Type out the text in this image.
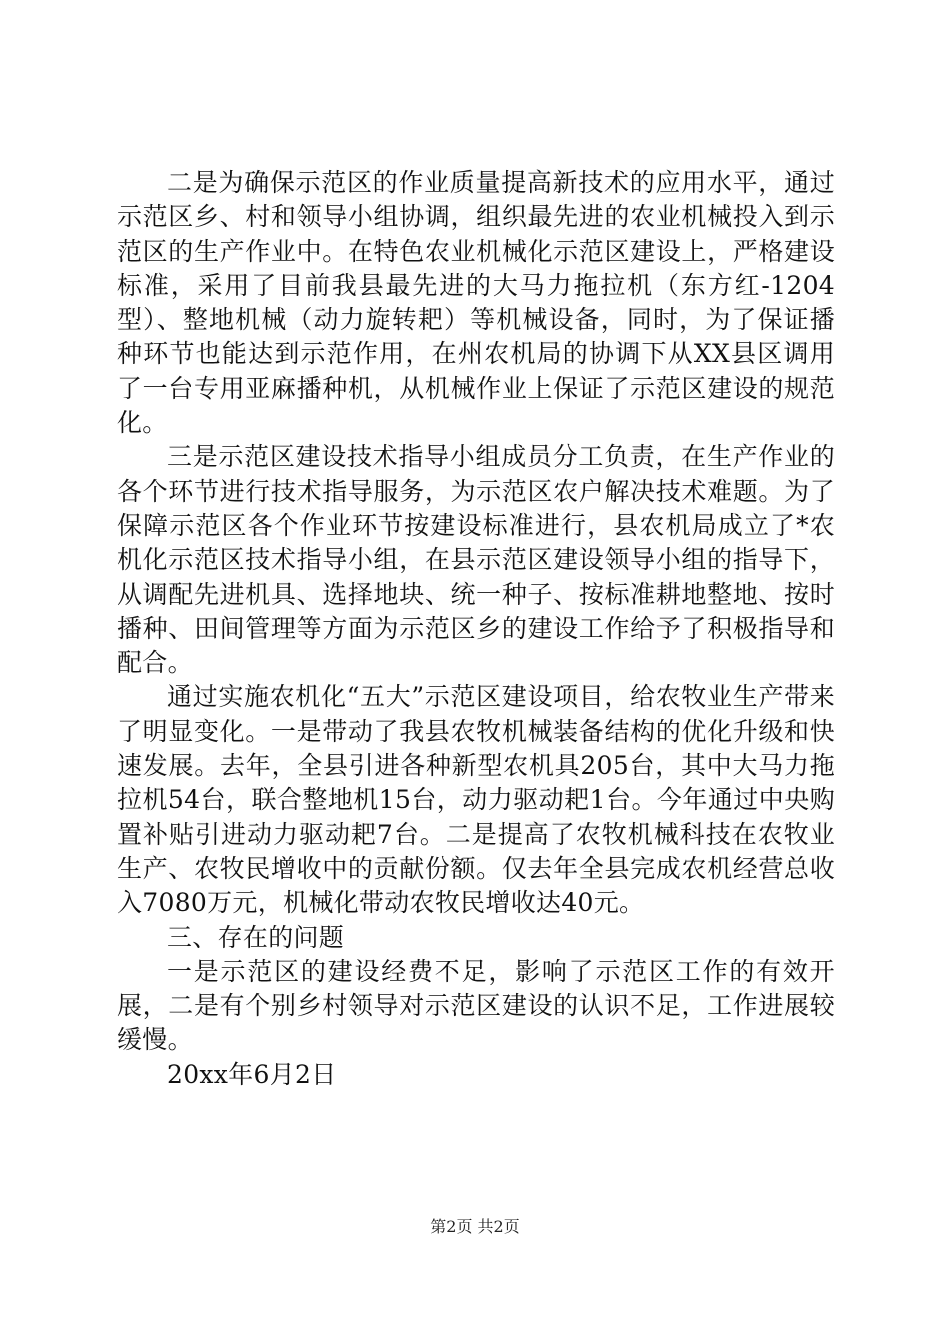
二是为确保示范区的作业质量提高新技术的应用水平，通过示范区乡、村和领导小组协调，组织最先进的农业机械投入到示范区的生产作业中。在特色农业机械化示范区建设上，严格建设标准，采用了目前我县最先进的大马力拖拉机（东方红-1204型）、整地机械（动力旋转耙）等机械设备，同时，为了保证播种环节也能达到示范作用，在州农机局的协调下从XX县区调用了一台专用亚麻播种机，从机械作业上保证了示范区建设的规范化。

三是示范区建设技术指导小组成员分工负责，在生产作业的各个环节进行技术指导服务，为示范区农户解决技术难题。为了保障示范区各个作业环节按建设标准进行，县农机局成立了*农机化示范区技术指导小组，在县示范区建设领导小组的指导下，从调配先进机具、选择地块、统一种子、按标准耕地整地、按时播种、田间管理等方面为示范区乡的建设工作给予了积极指导和配合。

通过实施农机化“五大”示范区建设项目，给农牧业生产带来了明显变化。一是带动了我县农牧机械装备结构的优化升级和快速发展。去年，全县引进各种新型农机具205台，其中大马力拖拉机54台，联合整地机15台，动力驱动耙1台。今年通过中央购置补贴引进动力驱动耙7台。二是提高了农牧机械科技在农牧业生产、农牧民增收中的贡献份额。仅去年全县完成农机经营总收入7080万元，机械化带动农牧民增收达40元。

三、存在的问题

一是示范区的建设经费不足，影响了示范区工作的有效开展，二是有个别乡村领导对示范区建设的认识不足，工作进展较缓慢。

20xx年6月2日

第2页 共2页
